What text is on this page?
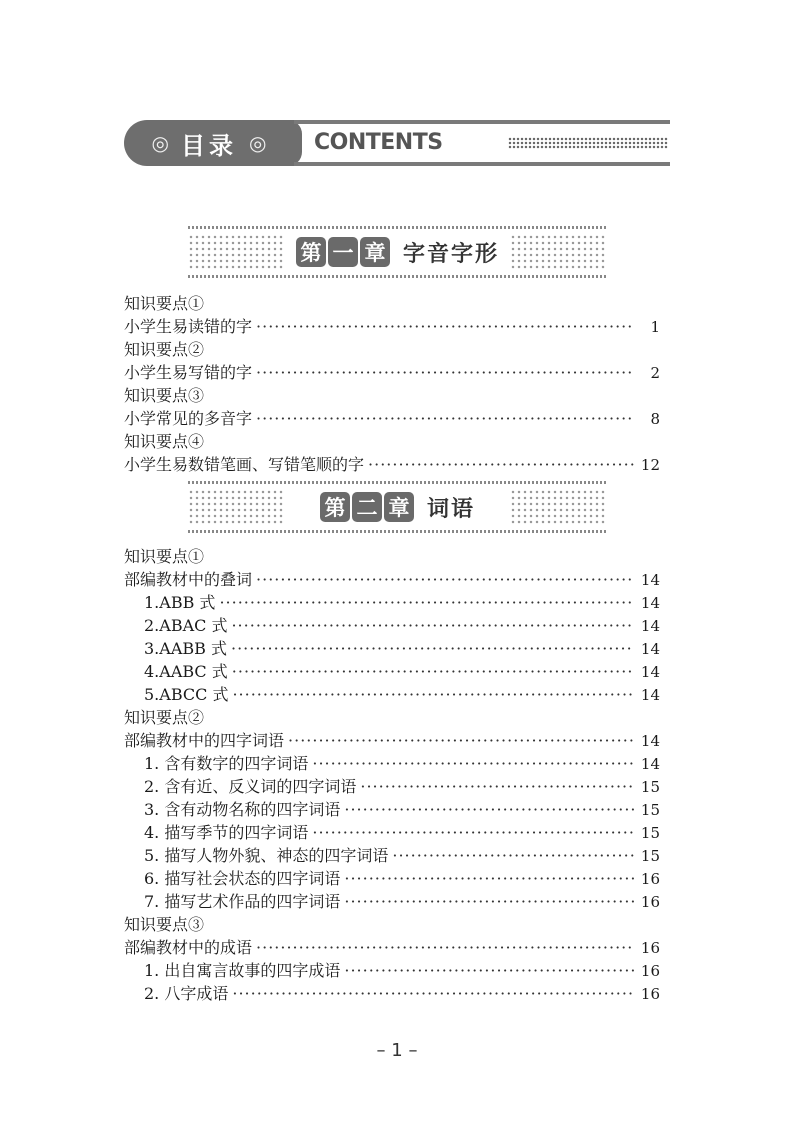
◎ 目录 ◎ CONTENTS
第 一 章 字音字形
知识要点①
小学生易读错的字 ·····	1
知识要点②
小学生易写错的字 ·····	2
知识要点③
小学常见的多音字 ·····	8
知识要点④
小学生易数错笔画、写错笔顺的字 ·····	12
第 二 章 词语
知识要点①
部编教材中的叠词 ·····	14
1.ABB 式 ·····	14
2.ABAC 式 ·····	14
3.AABB 式 ·····	14
4.AABC 式 ·····	14
5.ABCC 式 ·····	14
知识要点②
部编教材中的四字词语 ·····	14
1. 含有数字的四字词语 ·····	14
2. 含有近、反义词的四字词语 ·····	15
3. 含有动物名称的四字词语 ·····	15
4. 描写季节的四字词语 ·····	15
5. 描写人物外貌、神态的四字词语 ·····	15
6. 描写社会状态的四字词语 ·····	16
7. 描写艺术作品的四字词语 ·····	16
知识要点③
部编教材中的成语 ·····	16
1. 出自寓言故事的四字成语 ·····	16
2. 八字成语 ·····	16
– 1 –
